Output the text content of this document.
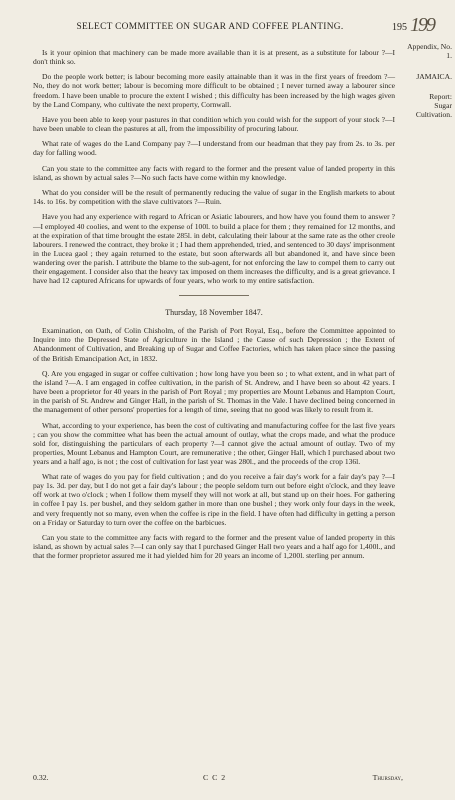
SELECT COMMITTEE ON SUGAR AND COFFEE PLANTING.	195 199
Appendix, No. 1.
JAMAICA.
Report:
Sugar Cultivation.

Is it your opinion that machinery can be made more available than it is at present, as a substitute for labour ?—I don't think so.

Do the people work better; is labour becoming more easily attainable than it was in the first years of freedom ?—No, they do not work better; labour is becoming more difficult to be obtained ; I never turned away a labourer since freedom. I have been unable to procure the extent I wished ; this difficulty has been increased by the high wages given by the Land Company, who cultivate the next property, Cornwall.

Have you been able to keep your pastures in that condition which you could wish for the support of your stock ?—I have been unable to clean the pastures at all, from the impossibility of procuring labour.

What rate of wages do the Land Company pay ?—I understand from our headman that they pay from 2s. to 3s. per day for falling wood.

Can you state to the committee any facts with regard to the former and the present value of landed property in this island, as shown by actual sales ?—No such facts have come within my knowledge.

What do you consider will be the result of permanently reducing the value of sugar in the English markets to about 14s. to 16s. by competition with the slave cultivators ?—Ruin.

Have you had any experience with regard to African or Asiatic labourers, and how have you found them to answer ?—I employed 40 coolies, and went to the expense of 100l. to build a place for them ; they remained for 12 months, and at the expiration of that time brought the estate 285l. in debt, calculating their labour at the same rate as the other creole labourers. I renewed the contract, they broke it ; I had them apprehended, tried, and sentenced to 30 days' imprisonment in the Lucea gaol ; they again returned to the estate, but soon afterwards all but abandoned it, and have since been wandering over the parish. I attribute the blame to the sub-agent, for not enforcing the law to compel them to carry out their engagement. I consider also that the heavy tax imposed on them increases the difficulty, and is a great grievance. I have had 12 captured Africans for upwards of four years, who work to my entire satisfaction.

Thursday, 18 November 1847.

Examination, on Oath, of Colin Chisholm, of the Parish of Port Royal, Esq., before the Committee appointed to Inquire into the Depressed State of Agriculture in the Island ; the Cause of such Depression ; the Extent of Abandonment of Cultivation, and Breaking up of Sugar and Coffee Factories, which has taken place since the passing of the British Emancipation Act, in 1832.

Q. Are you engaged in sugar or coffee cultivation ; how long have you been so ; to what extent, and in what part of the island ?—A. I am engaged in coffee cultivation, in the parish of St. Andrew, and I have been so about 42 years. I have been a proprietor for 40 years in the parish of Port Royal ; my properties are Mount Lebanus and Hampton Court, in the parish of St. Andrew and Ginger Hall, in the parish of St. Thomas in the Vale. I have declined being concerned in the management of other persons' properties for a length of time, seeing that no good was likely to result from it.

What, according to your experience, has been the cost of cultivating and manufacturing coffee for the last five years ; can you show the committee what has been the actual amount of outlay, what the crops made, and what the produce sold for, distinguishing the particulars of each property ?—I cannot give the actual amount of outlay. Two of my properties, Mount Lebanus and Hampton Court, are remunerative ; the other, Ginger Hall, which I purchased about two years and a half ago, is not ; the cost of cultivation for last year was 280l., and the proceeds of the crop 136l.

What rate of wages do you pay for field cultivation ; and do you receive a fair day's work for a fair day's pay ?—I pay 1s. 3d. per day, but I do not get a fair day's labour ; the people seldom turn out before eight o'clock, and they leave off work at two o'clock ; when I follow them myself they will not work at all, but stand up on their hoes. For gathering in coffee I pay 1s. per bushel, and they seldom gather in more than one bushel ; they work only four days in the week, and very frequently not so many, even when the coffee is ripe in the field. I have often had difficulty in getting a person on a Friday or Saturday to turn over the coffee on the barbicues.

Can you state to the committee any facts with regard to the former and the present value of landed property in this island, as shown by actual sales ?—I can only say that I purchased Ginger Hall two years and a half ago for 1,400l., and that the former proprietor assured me it had yielded him for 20 years an income of 1,200l. sterling per annum.

0.32.	C C 2	Thursday,
